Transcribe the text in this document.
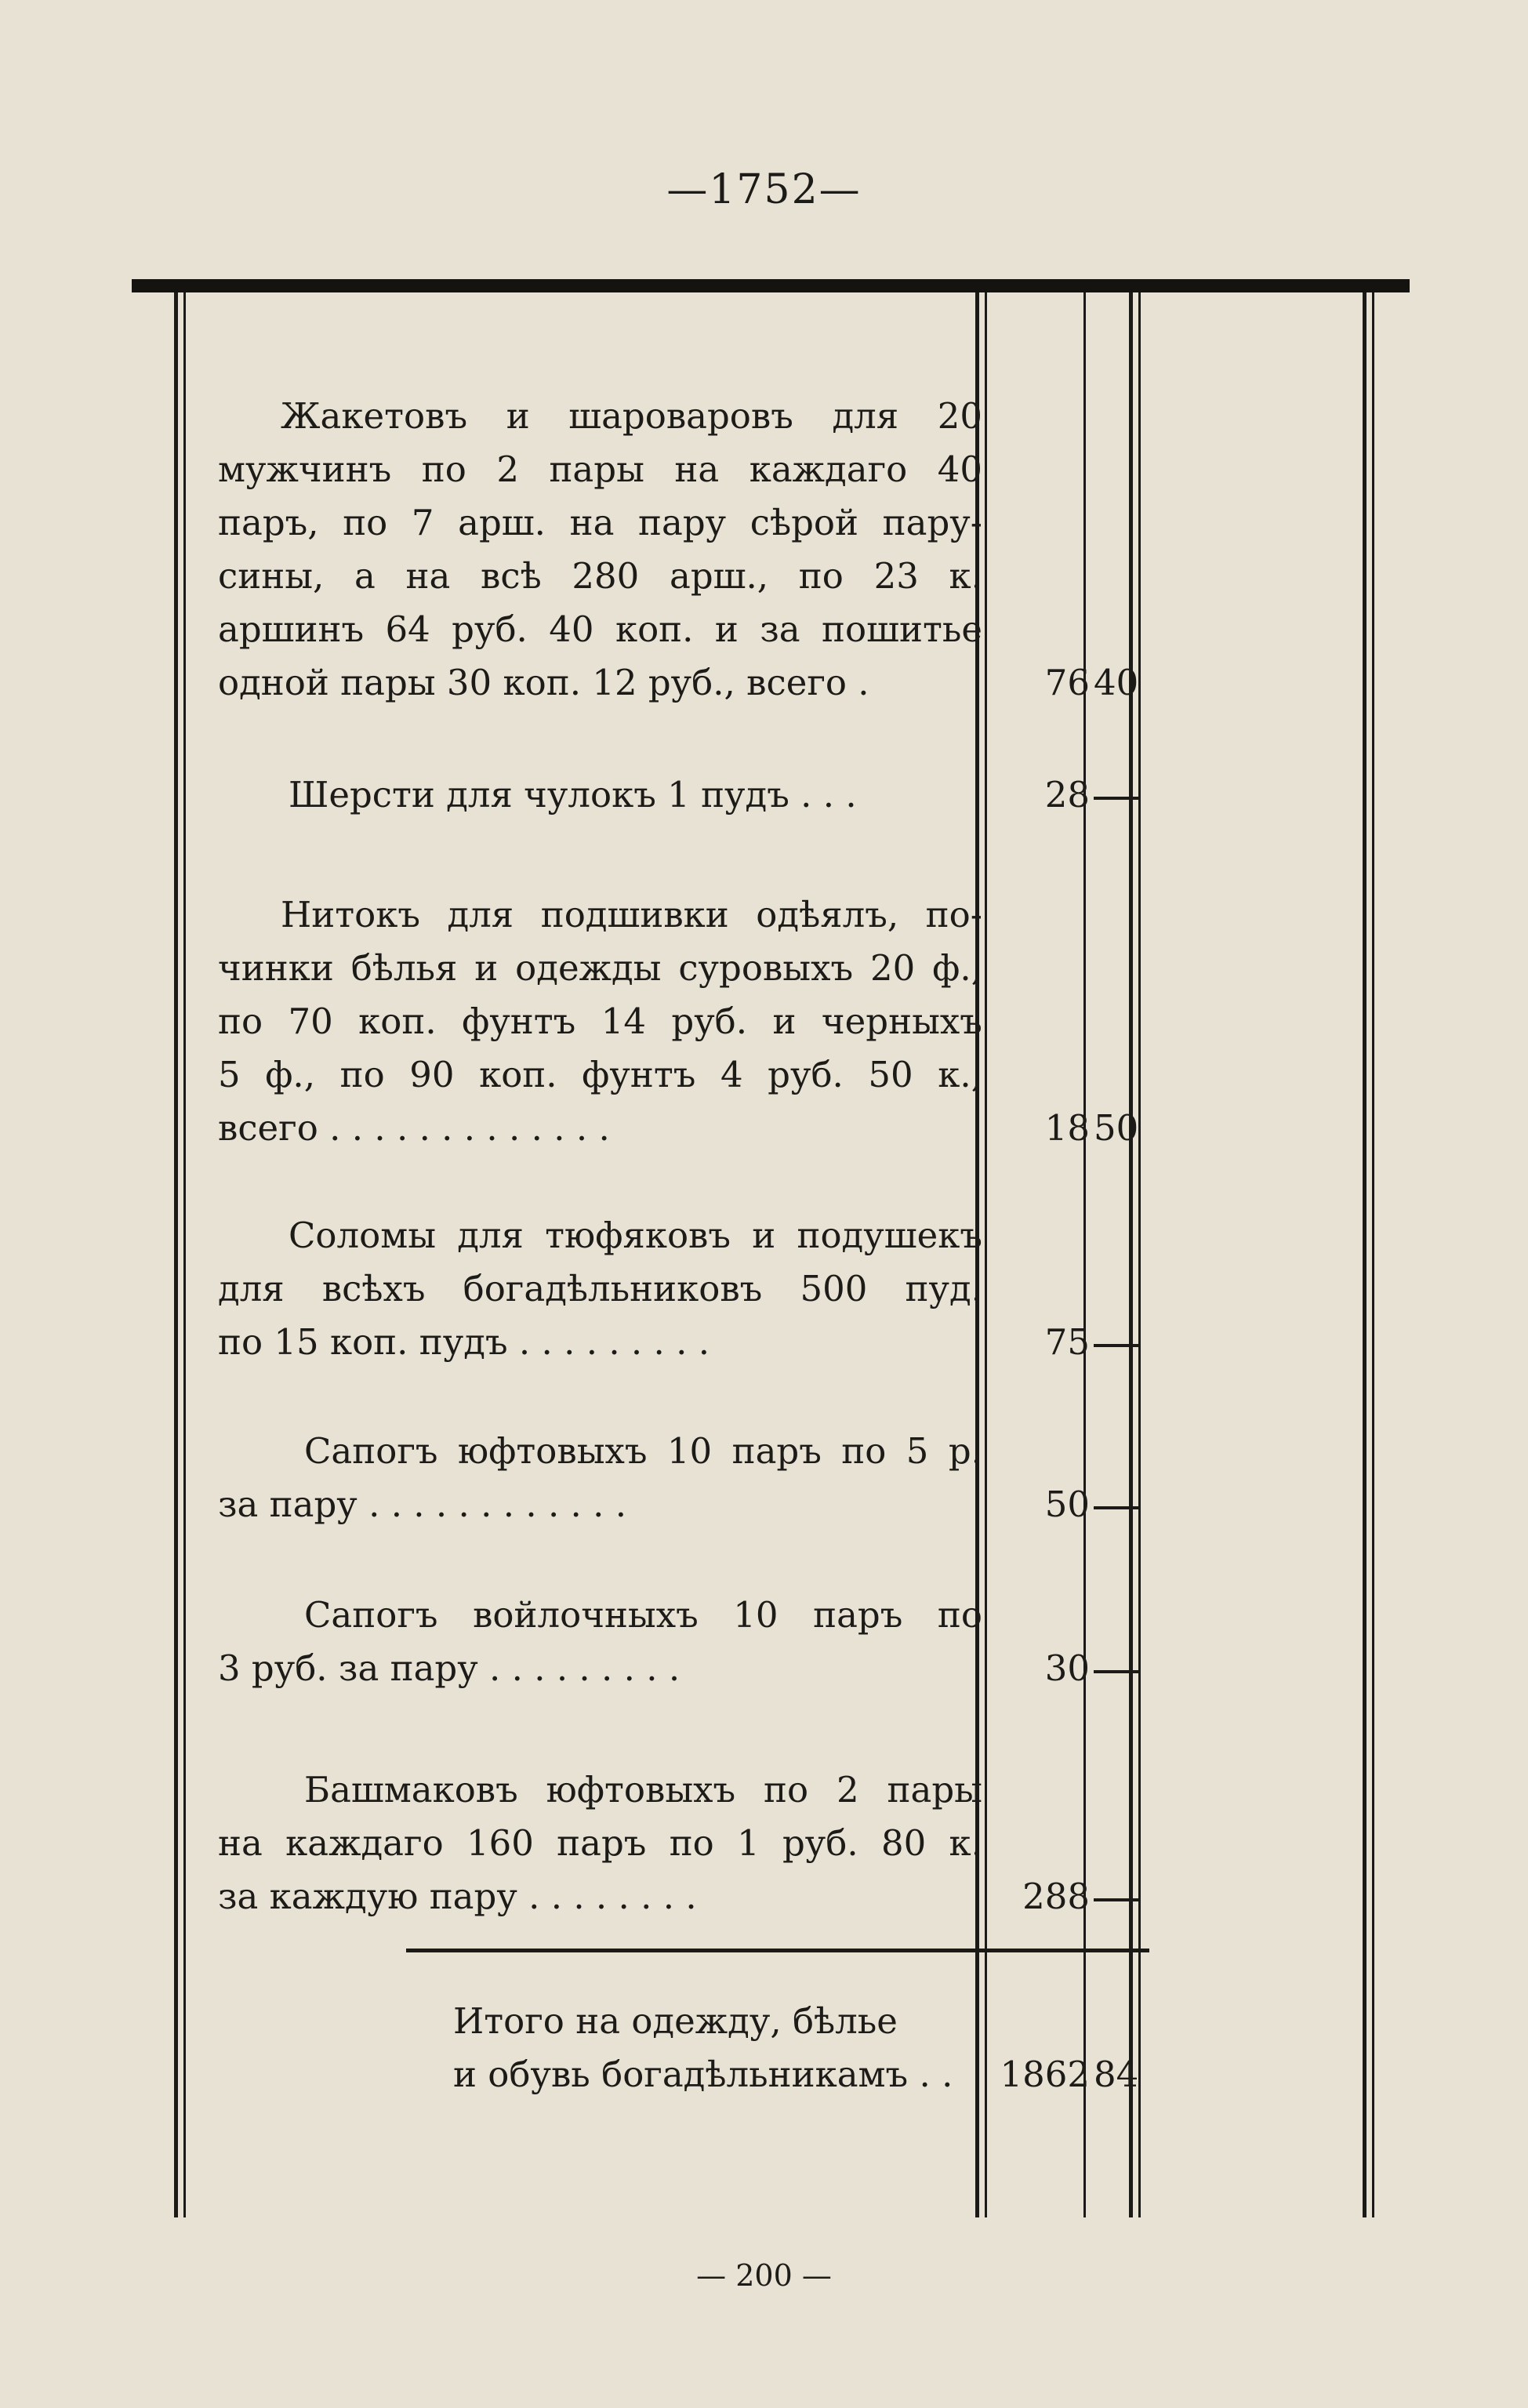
—1752—
Жакетовъ и шароваровъ для 20
мужчинъ по 2 пары на каждаго 40
паръ, по 7 арш. на пару сѣрой пару-
сины, а на всѣ 280 арш., по 23 к.
аршинъ 64 руб. 40 коп. и за пошитье
одной пары 30 коп. 12 руб., всего .	76 40
Шерсти для чулокъ 1 пудъ . . .	28
Нитокъ для подшивки одѣялъ, по-
чинки бѣлья и одежды суровыхъ 20 ф.,
по 70 коп. фунтъ 14 руб. и черныхъ
5 ф., по 90 коп. фунтъ 4 руб. 50 к.,
всего . . . . . . . . . . . . .	18 50
Соломы для тюфяковъ и подушекъ
для всѣхъ богадѣльниковъ 500 пуд.
по 15 коп. пудъ . . . . . . . . .	75
Сапогъ юфтовыхъ 10 паръ по 5 р.
за пару . . . . . . . . . . . .	50
Сапогъ войлочныхъ 10 паръ по
3 руб. за пару . . . . . . . . .	30
Башмаковъ юфтовыхъ по 2 пары
на каждаго 160 паръ по 1 руб. 80 к.
за каждую пару . . . . . . . .	288
Итого на одежду, бѣлье
и обувь богадѣльникамъ . .	1862 84
— 200 —
